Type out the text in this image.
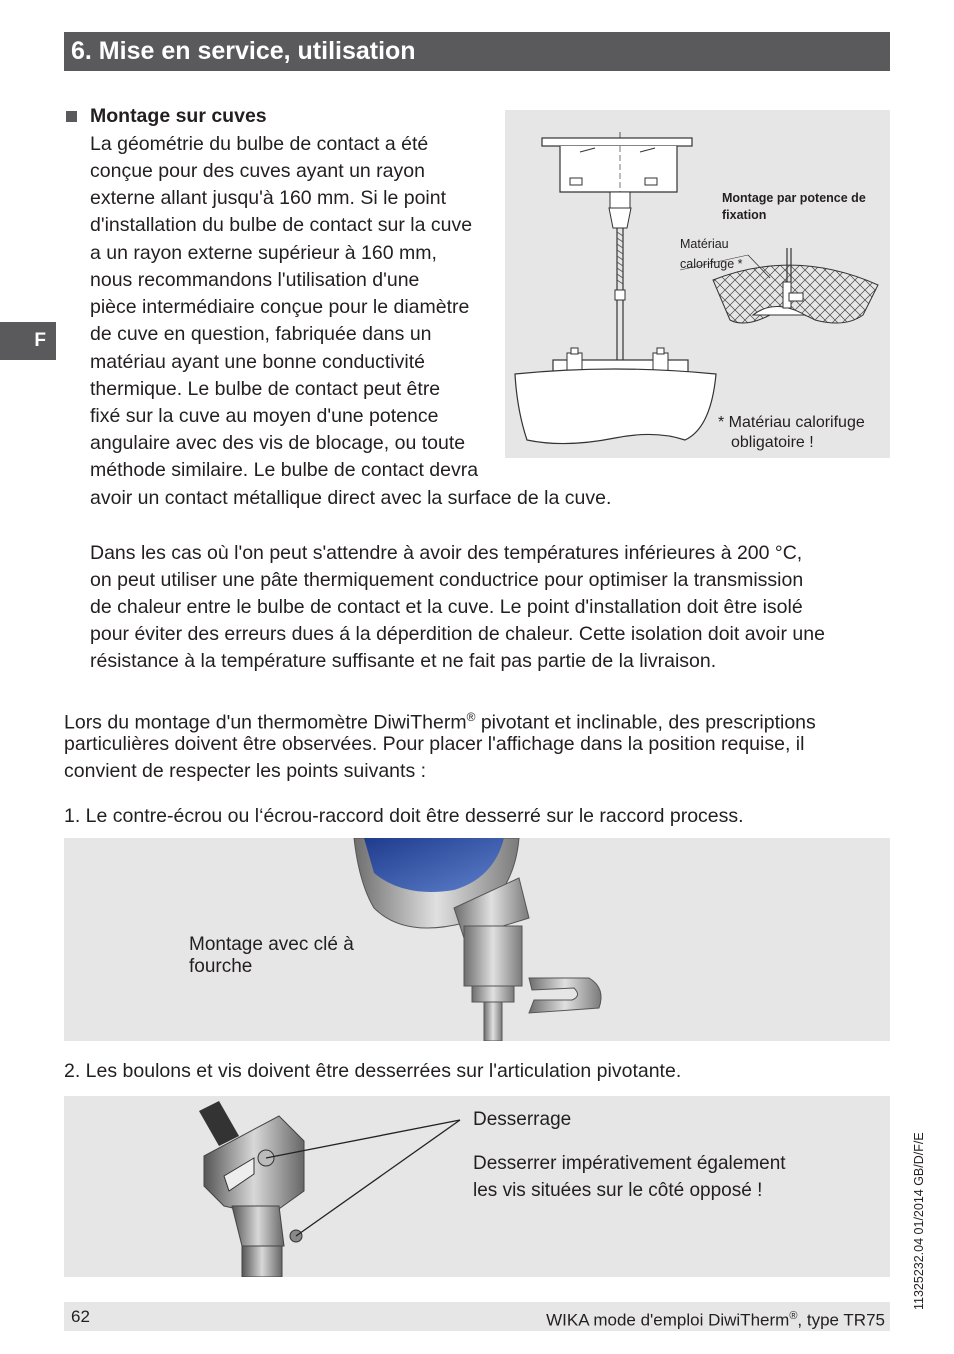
6. Mise en service, utilisation
F

Montage sur cuves

La géométrie du bulbe de contact a été

conçue pour des cuves ayant un rayon

externe allant jusqu'à 160 mm. Si le point

d'installation du bulbe de contact sur la cuve

a un rayon externe supérieur à 160 mm,

nous recommandons l'utilisation d'une

pièce intermédiaire conçue pour le diamètre

de cuve en question, fabriquée dans un

matériau ayant une bonne conductivité

thermique. Le bulbe de contact peut être

fixé sur la cuve au moyen d'une potence

angulaire avec des vis de blocage, ou toute

méthode similaire. Le bulbe de contact devra

avoir un contact métallique direct avec la surface de la cuve.

Montage par potence de
fixation
Matériau
calorifuge *
* Matériau calorifuge
obligatoire !

Dans les cas où l'on peut s'attendre à avoir des températures inférieures à 200 °C,

on peut utiliser une pâte thermiquement conductrice pour optimiser la transmission

de chaleur entre le bulbe de contact et la cuve. Le point d'installation doit être isolé

pour éviter des erreurs dues á la déperdition de chaleur. Cette isolation doit avoir une

résistance à la température suffisante et ne fait pas partie de la livraison.

Lors du montage d'un thermomètre DiwiTherm® pivotant et inclinable, des prescriptions

particulières doivent être observées. Pour placer l'affichage dans la position requise, il

convient de respecter les points suivants :

1. Le contre-écrou ou l‘écrou-raccord doit être desserré sur le raccord process.

Montage avec clé à
fourche

2. Les boulons et vis doivent être desserrées sur l'articulation pivotante.

Desserrage
Desserrer impérativement également
les vis situées sur le côté opposé !	11325232.04 01/2014 GB/D/F/E
62	WIKA mode d'emploi DiwiTherm®, type TR75
